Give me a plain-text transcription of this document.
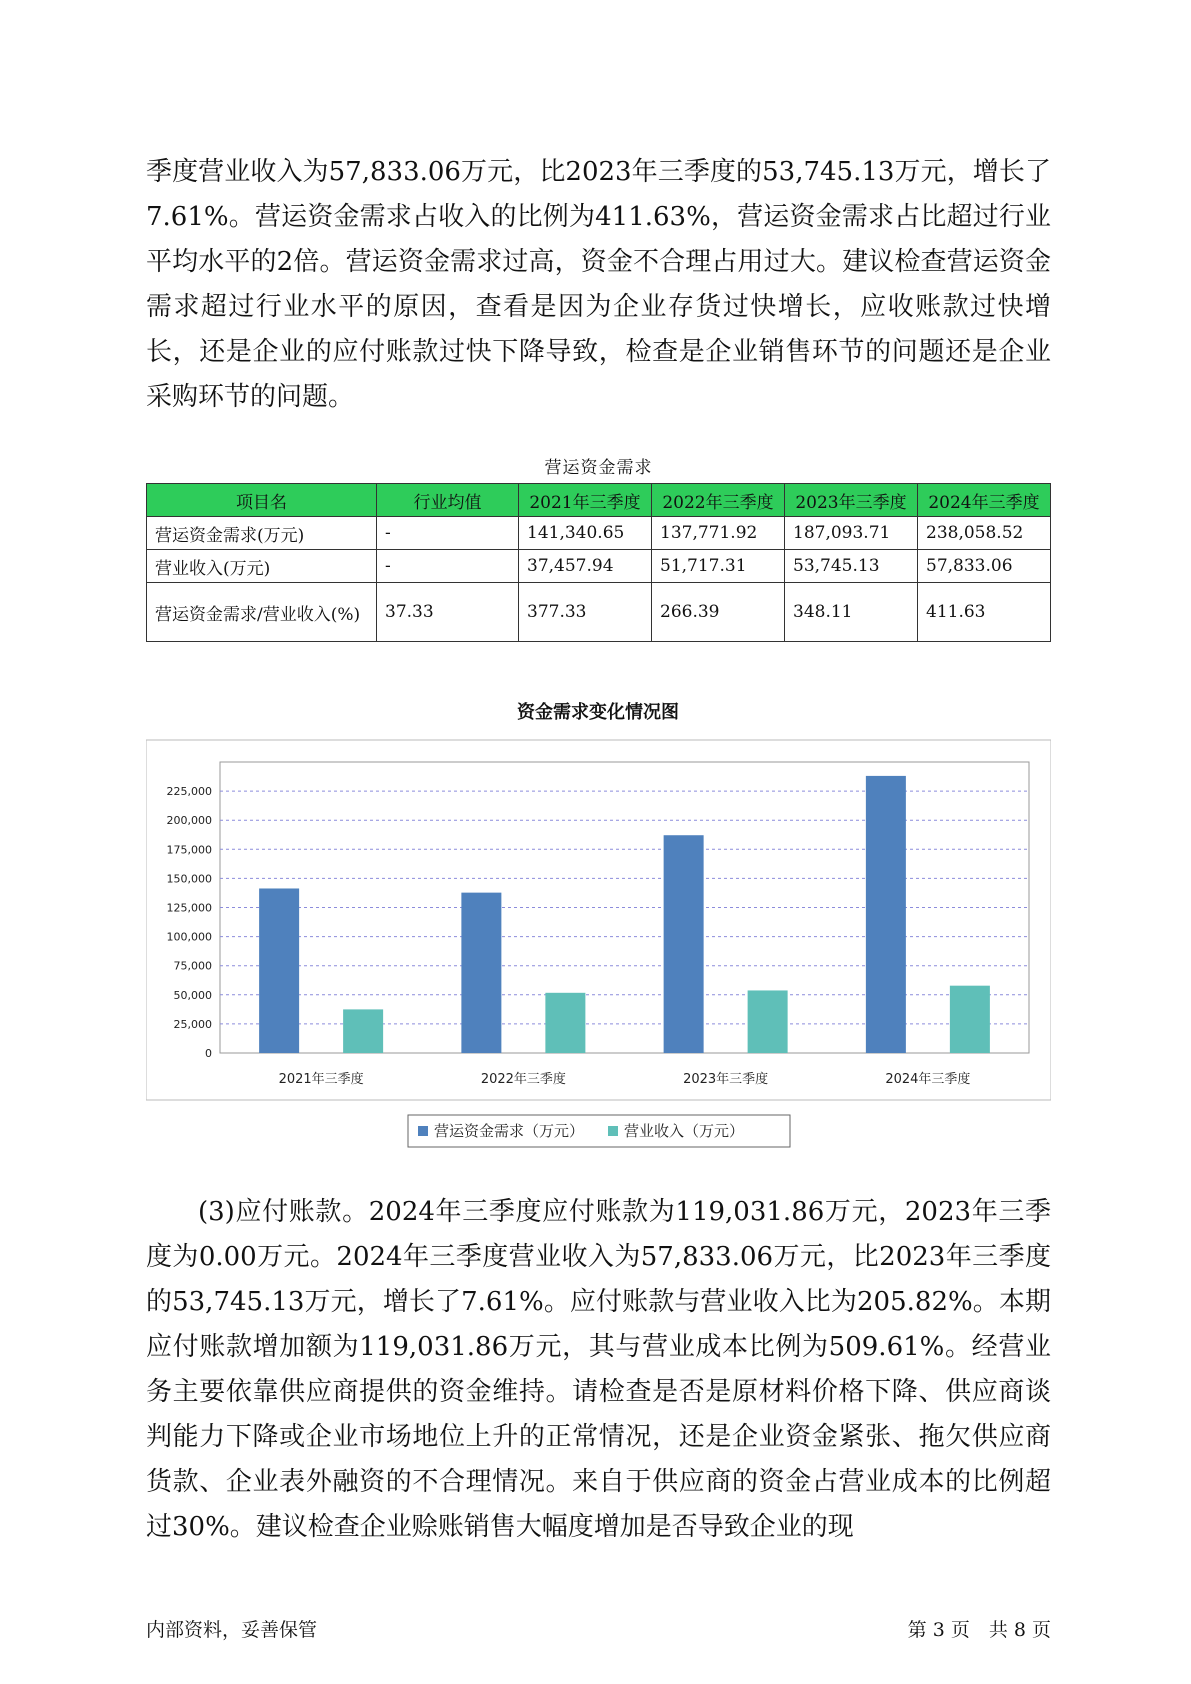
季度营业收入为57,833.06万元，比2023年三季度的53,745.13万元，增长了7.61%。营运资金需求占收入的比例为411.63%，营运资金需求占比超过行业平均水平的2倍。营运资金需求过高，资金不合理占用过大。建议检查营运资金需求超过行业水平的原因，查看是因为企业存货过快增长，应收账款过快增长，还是企业的应付账款过快下降导致，检查是企业销售环节的问题还是企业采购环节的问题。

营运资金需求
项目名	行业均值	2021年三季度	2022年三季度	2023年三季度	2024年三季度
营运资金需求(万元)	-	141,340.65	137,771.92	187,093.71	238,058.52
营业收入(万元)	-	37,457.94	51,717.31	53,745.13	57,833.06
营运资金需求/营业收入(%)	37.33	377.33	266.39	348.11	411.63
资金需求变化情况图
0
25,000
50,000
75,000
100,000
125,000
150,000
175,000
200,000
225,000
2021年三季度	2022年三季度	2023年三季度	2024年三季度
营运资金需求（万元）	营业收入（万元）

(3)应付账款。2024年三季度应付账款为119,031.86万元，2023年三季度为0.00万元。2024年三季度营业收入为57,833.06万元，比2023年三季度的53,745.13万元，增长了7.61%。应付账款与营业收入比为205.82%。本期应付账款增加额为119,031.86万元，其与营业成本比例为509.61%。经营业务主要依靠供应商提供的资金维持。请检查是否是原材料价格下降、供应商谈判能力下降或企业市场地位上升的正常情况，还是企业资金紧张、拖欠供应商货款、企业表外融资的不合理情况。来自于供应商的资金占营业成本的比例超过30%。建议检查企业赊账销售大幅度增加是否导致企业的现

内部资料，妥善保管	第 3 页　共 8 页
